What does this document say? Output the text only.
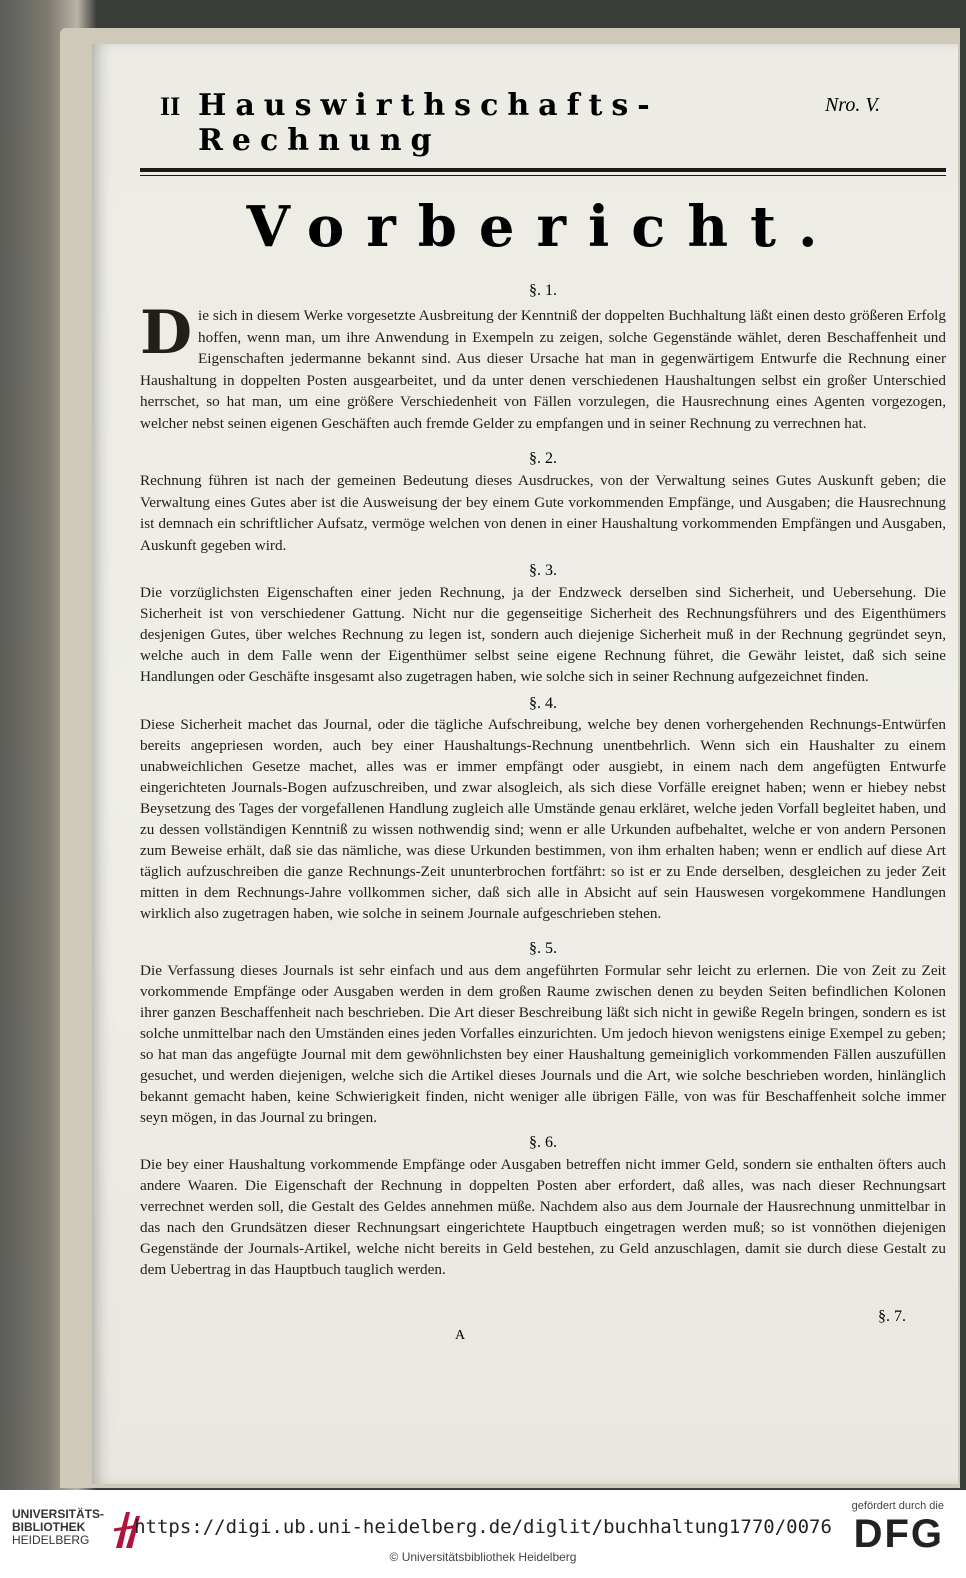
II Hauswirthschafts-Rechnung
Nro. V.
Vorbericht.
§. 1.
D ie sich in diesem Werke vorgesetzte Ausbreitung der Kenntniß der doppelten Buchhaltung läßt einen desto größeren Erfolg hoffen, wenn man, um ihre Anwendung in Exempeln zu zeigen, solche Gegenstände wählet, deren Beschaffenheit und Eigenschaften jedermanne bekannt sind. Aus dieser Ursache hat man in gegenwärtigem Entwurfe die Rechnung einer Haushaltung in doppelten Posten ausgearbeitet, und da unter denen verschiedenen Haushaltungen selbst ein großer Unterschied herrschet, so hat man, um eine größere Verschiedenheit von Fällen vorzulegen, die Hausrechnung eines Agenten vorgezogen, welcher nebst seinen eigenen Geschäften auch fremde Gelder zu empfangen und in seiner Rechnung zu verrechnen hat.
§. 2.
Rechnung führen ist nach der gemeinen Bedeutung dieses Ausdruckes, von der Verwaltung seines Gutes Auskunft geben; die Verwaltung eines Gutes aber ist die Ausweisung der bey einem Gute vorkommenden Empfänge, und Ausgaben; die Hausrechnung ist demnach ein schriftlicher Aufsatz, vermöge welchen von denen in einer Haushaltung vorkommenden Empfängen und Ausgaben, Auskunft gegeben wird.
§. 3.
Die vorzüglichsten Eigenschaften einer jeden Rechnung, ja der Endzweck derselben sind Sicherheit, und Uebersehung. Die Sicherheit ist von verschiedener Gattung. Nicht nur die gegenseitige Sicherheit des Rechnungsführers und des Eigenthümers desjenigen Gutes, über welches Rechnung zu legen ist, sondern auch diejenige Sicherheit muß in der Rechnung gegründet seyn, welche auch in dem Falle wenn der Eigenthümer selbst seine eigene Rechnung führet, die Gewähr leistet, daß sich seine Handlungen oder Geschäfte insgesamt also zugetragen haben, wie solche sich in seiner Rechnung aufgezeichnet finden.
§. 4.
Diese Sicherheit machet das Journal, oder die tägliche Aufschreibung, welche bey denen vorhergehenden Rechnungs-Entwürfen bereits angepriesen worden, auch bey einer Haushaltungs-Rechnung unentbehrlich. Wenn sich ein Haushalter zu einem unabweichlichen Gesetze machet, alles was er immer empfängt oder ausgiebt, in einem nach dem angefügten Entwurfe eingerichteten Journals-Bogen aufzuschreiben, und zwar alsogleich, als sich diese Vorfälle ereignet haben; wenn er hiebey nebst Beysetzung des Tages der vorgefallenen Handlung zugleich alle Umstände genau erkläret, welche jeden Vorfall begleitet haben, und zu dessen vollständigen Kenntniß zu wissen nothwendig sind; wenn er alle Urkunden aufbehaltet, welche er von andern Personen zum Beweise erhält, daß sie das nämliche, was diese Urkunden bestimmen, von ihm erhalten haben; wenn er endlich auf diese Art täglich aufzuschreiben die ganze Rechnungs-Zeit ununterbrochen fortfährt: so ist er zu Ende derselben, desgleichen zu jeder Zeit mitten in dem Rechnungs-Jahre vollkommen sicher, daß sich alle in Absicht auf sein Hauswesen vorgekommene Handlungen wirklich also zugetragen haben, wie solche in seinem Journale aufgeschrieben stehen.
§. 5.
Die Verfassung dieses Journals ist sehr einfach und aus dem angeführten Formular sehr leicht zu erlernen. Die von Zeit zu Zeit vorkommende Empfänge oder Ausgaben werden in dem großen Raume zwischen denen zu beyden Seiten befindlichen Kolonen ihrer ganzen Beschaffenheit nach beschrieben. Die Art dieser Beschreibung läßt sich nicht in gewiße Regeln bringen, sondern es ist solche unmittelbar nach den Umständen eines jeden Vorfalles einzurichten. Um jedoch hievon wenigstens einige Exempel zu geben; so hat man das angefügte Journal mit dem gewöhnlichsten bey einer Haushaltung gemeiniglich vorkommenden Fällen auszufüllen gesuchet, und werden diejenigen, welche sich die Artikel dieses Journals und die Art, wie solche beschrieben worden, hinlänglich bekannt gemacht haben, keine Schwierigkeit finden, nicht weniger alle übrigen Fälle, von was für Beschaffenheit solche immer seyn mögen, in das Journal zu bringen.
§. 6.
Die bey einer Haushaltung vorkommende Empfänge oder Ausgaben betreffen nicht immer Geld, sondern sie enthalten öfters auch andere Waaren. Die Eigenschaft der Rechnung in doppelten Posten aber erfordert, daß alles, was nach dieser Rechnungsart verrechnet werden soll, die Gestalt des Geldes annehmen müße. Nachdem also aus dem Journale der Hausrechnung unmittelbar in das nach den Grundsätzen dieser Rechnungsart eingerichtete Hauptbuch eingetragen werden muß; so ist vonnöthen diejenigen Gegenstände der Journals-Artikel, welche nicht bereits in Geld bestehen, zu Geld anzuschlagen, damit sie durch diese Gestalt zu dem Uebertrag in das Hauptbuch tauglich werden.
§. 7.
A
UNIVERSITÄTS-
BIBLIOTHEK
HEIDELBERG
https://digi.ub.uni-heidelberg.de/diglit/buchhaltung1770/0076
© Universitätsbibliothek Heidelberg
gefördert durch die
DFG
